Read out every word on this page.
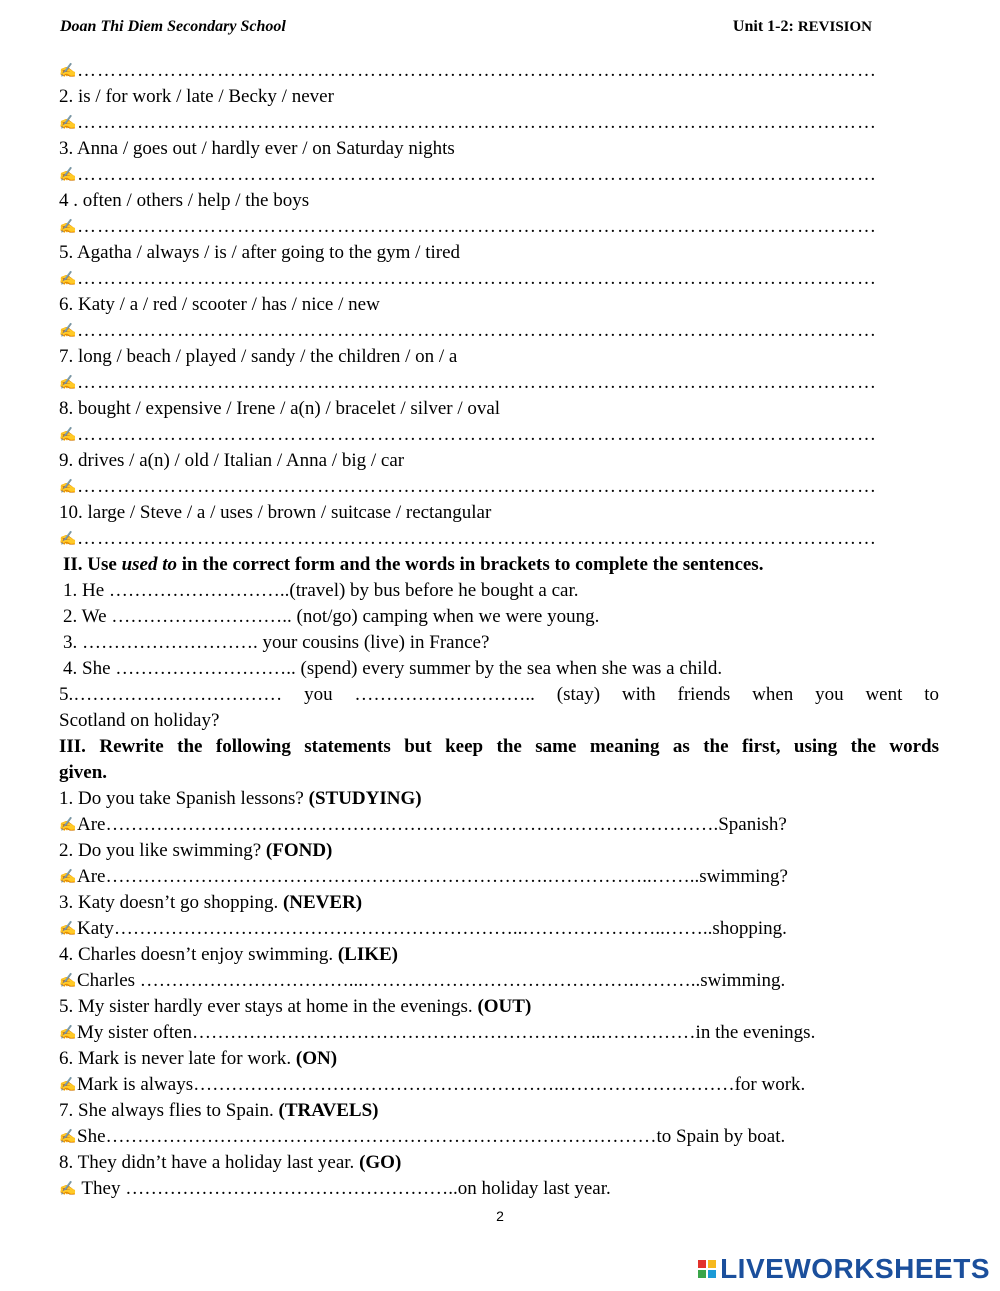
Doan Thi Diem Secondary School	Unit 1-2: REVISION
✍…………………………………………………………………………………………………………
2. is / for work / late / Becky / never
✍…………………………………………………………………………………………………………
3. Anna / goes out / hardly ever / on Saturday nights
✍…………………………………………………………………………………………………………
4 . often / others / help / the boys
✍…………………………………………………………………………………………………………
5. Agatha / always / is / after going to the gym / tired
✍…………………………………………………………………………………………………………
6. Katy / a / red / scooter / has / nice / new
✍…………………………………………………………………………………………………………
7. long / beach / played / sandy / the children / on / a
✍…………………………………………………………………………………………………………
8. bought / expensive / Irene / a(n) / bracelet / silver / oval
✍…………………………………………………………………………………………………………
9. drives / a(n) / old / Italian / Anna / big / car
✍…………………………………………………………………………………………………………
10. large / Steve / a / uses / brown / suitcase / rectangular
✍…………………………………………………………………………………………………………
II. Use used to in the correct form and the words in brackets to complete the sentences.
1. He ………………………..(travel) by bus before he bought a car.
2. We ……………………….. (not/go) camping when we were young.
3. ………………………. your cousins (live) in France?
4. She ……………………….. (spend) every summer by the sea when she was a child.
5.…………………………… you ……………………….. (stay) with friends when you went to
Scotland on holiday?
III. Rewrite the following statements but keep the same meaning as the first, using the words
given.
1. Do you take Spanish lessons? (STUDYING)
✍Are…………………………………………………………………………………….Spanish?
2. Do you like swimming? (FOND)
✍Are…………………………………………………………….……………..……..swimming?
3. Katy doesn’t go shopping. (NEVER)
✍Katy………………………………………………………..…………………..……..shopping.
4. Charles doesn’t enjoy swimming. (LIKE)
✍Charles ……………………………...…………………………………….………..swimming.
5. My sister hardly ever stays at home in the evenings. (OUT)
✍My sister often………………………………………………………..……………in the evenings.
6. Mark is never late for work. (ON)
✍Mark is always…………………………………………………..………………………for work.
7. She always flies to Spain. (TRAVELS)
✍She……………………………………………………………………………to Spain by boat.
8. They didn’t have a holiday last year. (GO)
✍ They ……………………………………………..on holiday last year.
2
LIVEWORKSHEETS
